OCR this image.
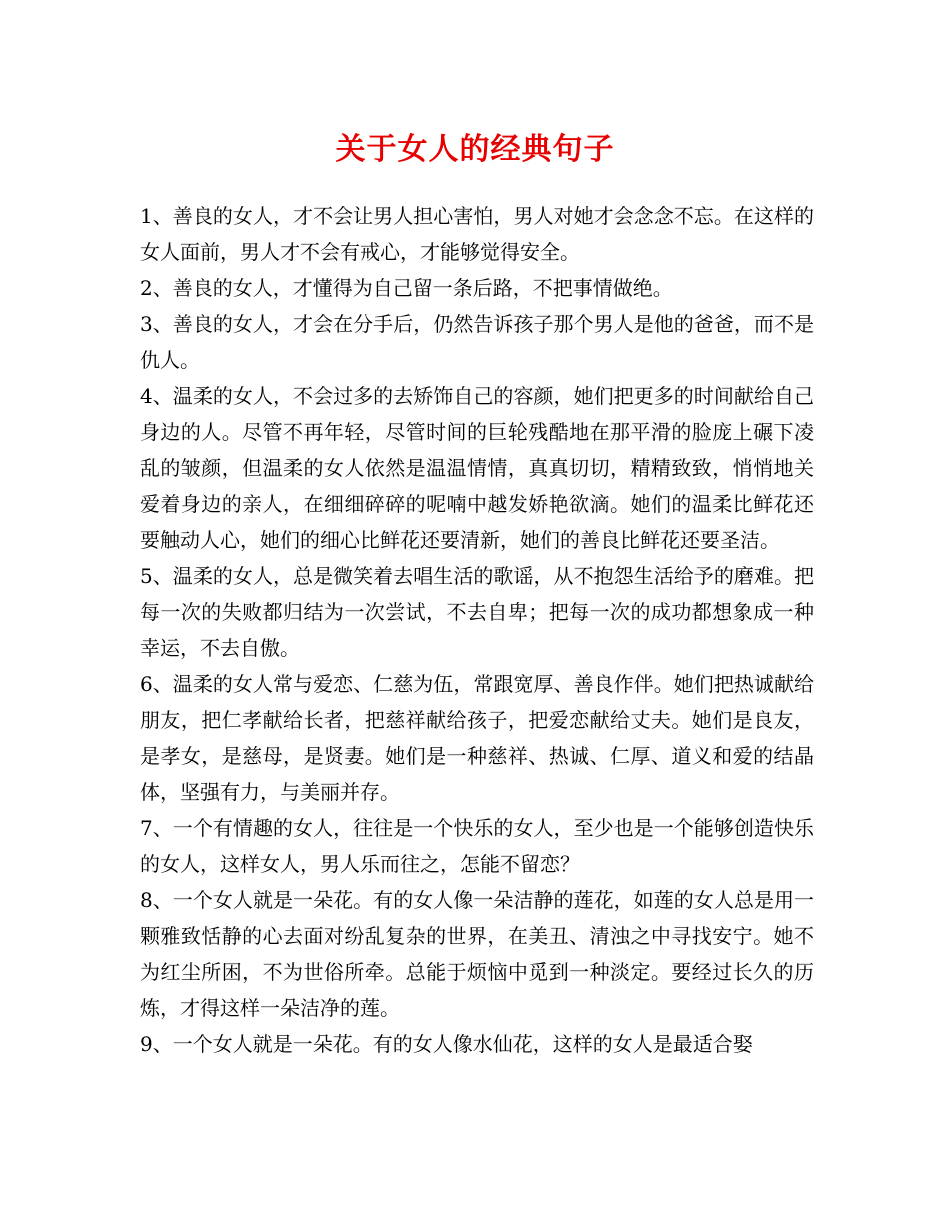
关于女人的经典句子

1、善良的女人，才不会让男人担心害怕，男人对她才会念念不忘。在这样的女人面前，男人才不会有戒心，才能够觉得安全。

2、善良的女人，才懂得为自己留一条后路，不把事情做绝。

3、善良的女人，才会在分手后，仍然告诉孩子那个男人是他的爸爸，而不是仇人。

4、温柔的女人，不会过多的去矫饰自己的容颜，她们把更多的时间献给自己身边的人。尽管不再年轻，尽管时间的巨轮残酷地在那平滑的脸庞上碾下凌乱的皱颜，但温柔的女人依然是温温情情，真真切切，精精致致，悄悄地关爱着身边的亲人，在细细碎碎的呢喃中越发娇艳欲滴。她们的温柔比鲜花还要触动人心，她们的细心比鲜花还要清新，她们的善良比鲜花还要圣洁。

5、温柔的女人，总是微笑着去唱生活的歌谣，从不抱怨生活给予的磨难。把每一次的失败都归结为一次尝试，不去自卑；把每一次的成功都想象成一种幸运，不去自傲。

6、温柔的女人常与爱恋、仁慈为伍，常跟宽厚、善良作伴。她们把热诚献给朋友，把仁孝献给长者，把慈祥献给孩子，把爱恋献给丈夫。她们是良友，是孝女，是慈母，是贤妻。她们是一种慈祥、热诚、仁厚、道义和爱的结晶体，坚强有力，与美丽并存。

7、一个有情趣的女人，往往是一个快乐的女人，至少也是一个能够创造快乐的女人，这样女人，男人乐而往之，怎能不留恋？

8、一个女人就是一朵花。有的女人像一朵洁静的莲花，如莲的女人总是用一颗雅致恬静的心去面对纷乱复杂的世界，在美丑、清浊之中寻找安宁。她不为红尘所困，不为世俗所牵。总能于烦恼中觅到一种淡定。要经过长久的历炼，才得这样一朵洁净的莲。

9、一个女人就是一朵花。有的女人像水仙花，这样的女人是最适合娶
